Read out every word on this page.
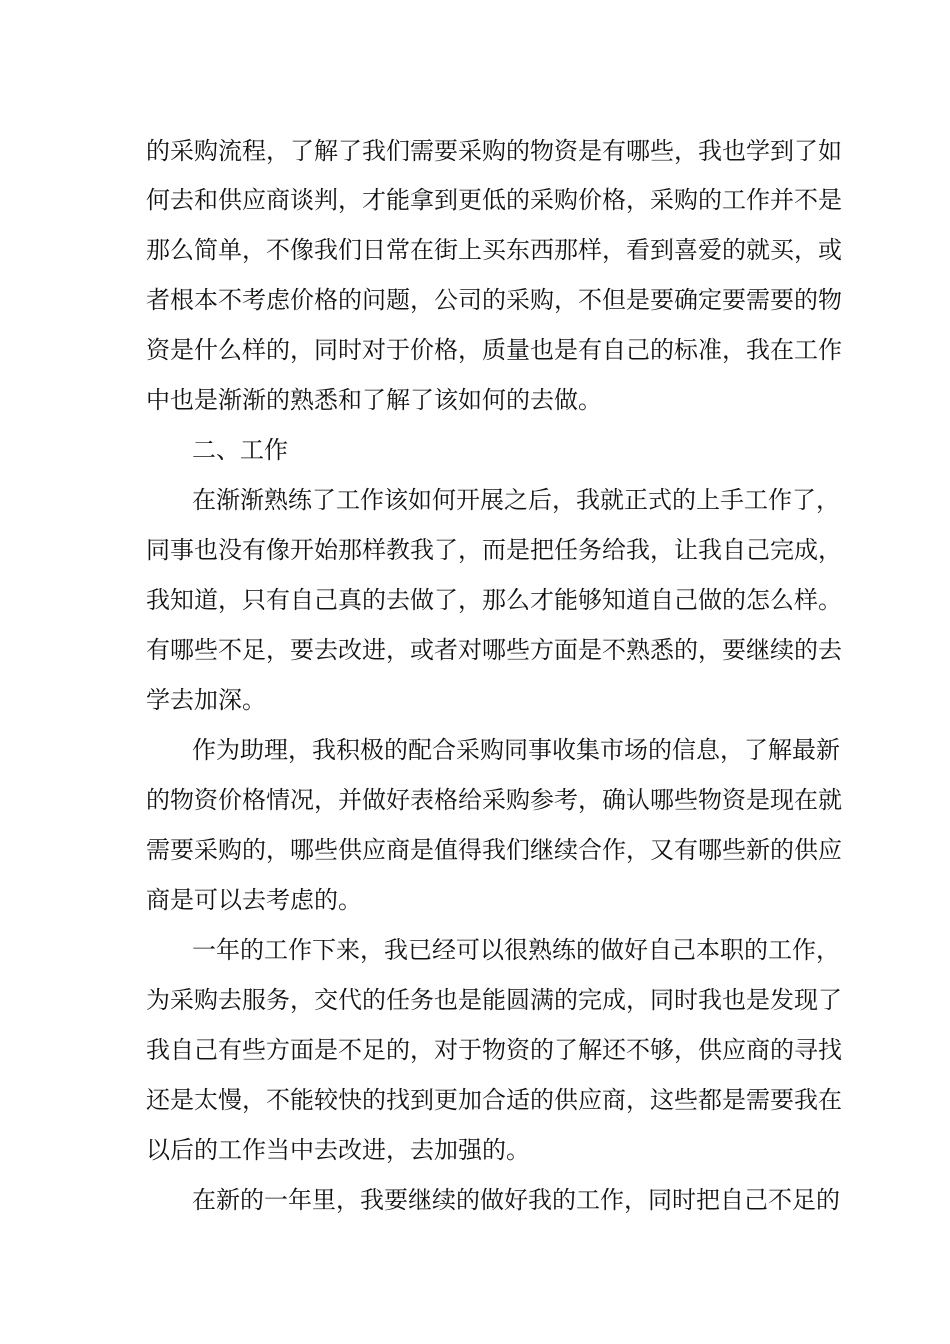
的采购流程，了解了我们需要采购的物资是有哪些，我也学到了如
何去和供应商谈判，才能拿到更低的采购价格，采购的工作并不是
那么简单，不像我们日常在街上买东西那样，看到喜爱的就买，或
者根本不考虑价格的问题，公司的采购，不但是要确定要需要的物
资是什么样的，同时对于价格，质量也是有自己的标准，我在工作
中也是渐渐的熟悉和了解了该如何的去做。
二、工作
在渐渐熟练了工作该如何开展之后，我就正式的上手工作了，
同事也没有像开始那样教我了，而是把任务给我，让我自己完成，
我知道，只有自己真的去做了，那么才能够知道自己做的怎么样。
有哪些不足，要去改进，或者对哪些方面是不熟悉的，要继续的去
学去加深。
作为助理，我积极的配合采购同事收集市场的信息，了解最新
的物资价格情况，并做好表格给采购参考，确认哪些物资是现在就
需要采购的，哪些供应商是值得我们继续合作，又有哪些新的供应
商是可以去考虑的。
一年的工作下来，我已经可以很熟练的做好自己本职的工作，
为采购去服务，交代的任务也是能圆满的完成，同时我也是发现了
我自己有些方面是不足的，对于物资的了解还不够，供应商的寻找
还是太慢，不能较快的找到更加合适的供应商，这些都是需要我在
以后的工作当中去改进，去加强的。
在新的一年里，我要继续的做好我的工作，同时把自己不足的
